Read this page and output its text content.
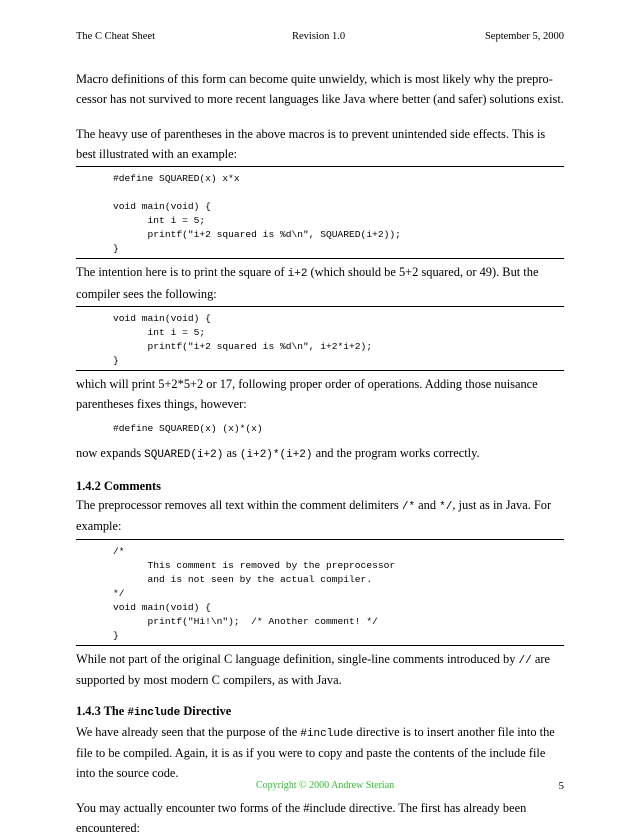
The C Cheat Sheet	Revision 1.0	September 5, 2000

Macro definitions of this form can become quite unwieldy, which is most likely why the prepro-
cessor has not survived to more recent languages like Java where better (and safer) solutions exist.

The heavy use of parentheses in the above macros is to prevent unintended side effects. This is
best illustrated with an example:

#define SQUARED(x) x*x

void main(void) {
int i = 5;
printf("i+2 squared is %d\n", SQUARED(i+2));
}

The intention here is to print the square of i+2 (which should be 5+2 squared, or 49). But the
compiler sees the following:

void main(void) {
int i = 5;
printf("i+2 squared is %d\n", i+2*i+2);
}

which will print 5+2*5+2 or 17, following proper order of operations. Adding those nuisance
parentheses fixes things, however:

#define SQUARED(x) (x)*(x)

now expands SQUARED(i+2) as (i+2)*(i+2) and the program works correctly.

1.4.2 Comments

The preprocessor removes all text within the comment delimiters /* and */, just as in Java. For
example:

/*
This comment is removed by the preprocessor
and is not seen by the actual compiler.
*/
void main(void) {
printf("Hi!\n");  /* Another comment! */
}

While not part of the original C language definition, single-line comments introduced by // are
supported by most modern C compilers, as with Java.

1.4.3 The #include Directive

We have already seen that the purpose of the #include directive is to insert another file into the
file to be compiled. Again, it is as if you were to copy and paste the contents of the include file
into the source code.

You may actually encounter two forms of the #include directive. The first has already been
encountered:

Copyright © 2000 Andrew Sterian	5
